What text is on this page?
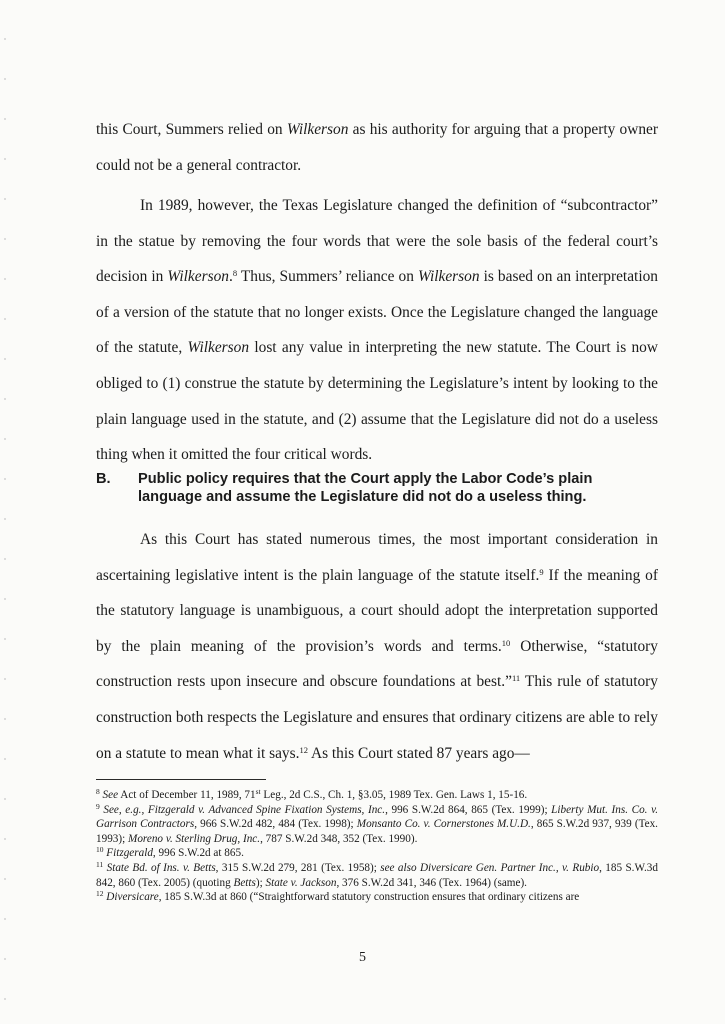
this Court, Summers relied on Wilkerson as his authority for arguing that a property owner could not be a general contractor.

In 1989, however, the Texas Legislature changed the definition of “subcontractor” in the statue by removing the four words that were the sole basis of the federal court’s decision in Wilkerson.$^8$ Thus, Summers’ reliance on Wilkerson is based on an interpretation of a version of the statute that no longer exists. Once the Legislature changed the language of the statute, Wilkerson lost any value in interpreting the new statute. The Court is now obliged to (1) construe the statute by determining the Legislature’s intent by looking to the plain language used in the statute, and (2) assume that the Legislature did not do a useless thing when it omitted the four critical words.

B. Public policy requires that the Court apply the Labor Code’s plain language and assume the Legislature did not do a useless thing.

As this Court has stated numerous times, the most important consideration in ascertaining legislative intent is the plain language of the statute itself.$^9$ If the meaning of the statutory language is unambiguous, a court should adopt the interpretation supported by the plain meaning of the provision’s words and terms.$^{10}$ Otherwise, “statutory construction rests upon insecure and obscure foundations at best.”$^{11}$ This rule of statutory construction both respects the Legislature and ensures that ordinary citizens are able to rely on a statute to mean what it says.$^{12}$ As this Court stated 87 years ago—

$^8$ See Act of December 11, 1989, 71st Leg., 2d C.S., Ch. 1, §3.05, 1989 Tex. Gen. Laws 1, 15-16.

$^9$ See, e.g., Fitzgerald v. Advanced Spine Fixation Systems, Inc., 996 S.W.2d 864, 865 (Tex. 1999); Liberty Mut. Ins. Co. v. Garrison Contractors, 966 S.W.2d 482, 484 (Tex. 1998); Monsanto Co. v. Cornerstones M.U.D., 865 S.W.2d 937, 939 (Tex. 1993); Moreno v. Sterling Drug, Inc., 787 S.W.2d 348, 352 (Tex. 1990).

$^{10}$ Fitzgerald, 996 S.W.2d at 865.

$^{11}$ State Bd. of Ins. v. Betts, 315 S.W.2d 279, 281 (Tex. 1958); see also Diversicare Gen. Partner Inc., v. Rubio, 185 S.W.3d 842, 860 (Tex. 2005) (quoting Betts); State v. Jackson, 376 S.W.2d 341, 346 (Tex. 1964) (same).

$^{12}$ Diversicare, 185 S.W.3d at 860 (“Straightforward statutory construction ensures that ordinary citizens are

5
